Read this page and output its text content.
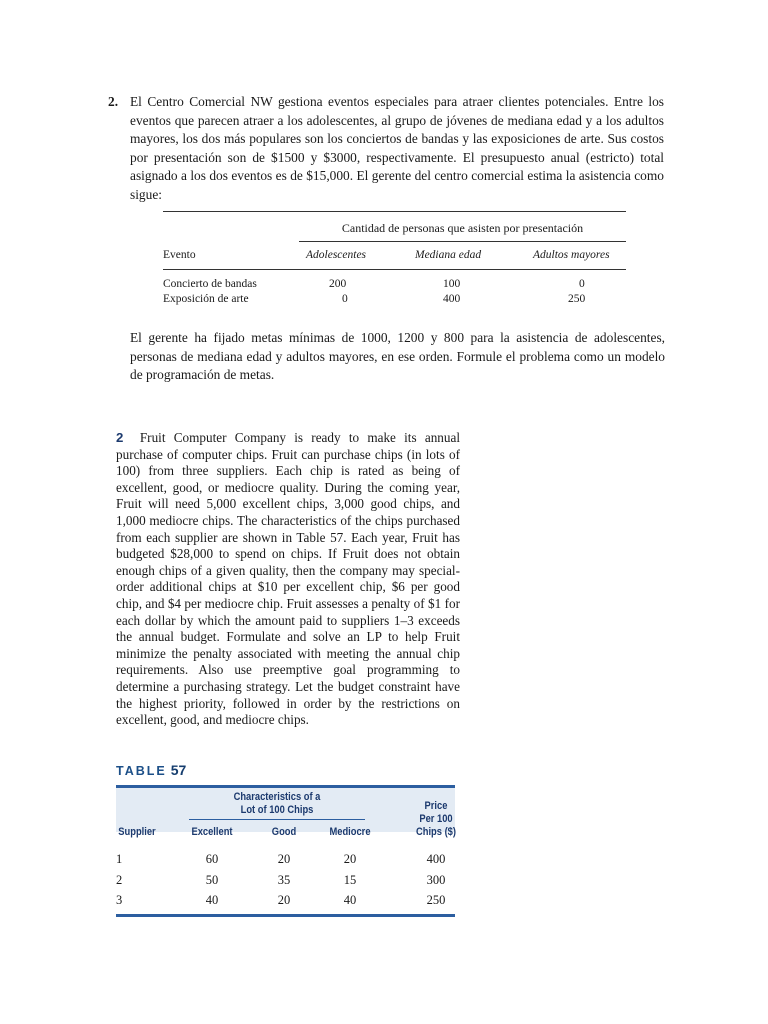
2. El Centro Comercial NW gestiona eventos especiales para atraer clientes potenciales. Entre los eventos que parecen atraer a los adolescentes, al grupo de jóvenes de mediana edad y a los adultos mayores, los dos más populares son los conciertos de bandas y las exposiciones de arte. Sus costos por presentación son de $1500 y $3000, respectivamente. El presupuesto anual (estricto) total asignado a los dos eventos es de $15,000. El gerente del centro comercial estima la asistencia como sigue:
Cantidad de personas que asisten por presentación
Evento	Adolescentes	Mediana edad	Adultos mayores
Concierto de bandas	200	100	0
Exposición de arte	0	400	250
El gerente ha fijado metas mínimas de 1000, 1200 y 800 para la asistencia de adolescentes, personas de mediana edad y adultos mayores, en ese orden. Formule el problema como un modelo de programación de metas.
2 Fruit Computer Company is ready to make its annual purchase of computer chips. Fruit can purchase chips (in lots of 100) from three suppliers. Each chip is rated as being of excellent, good, or mediocre quality. During the coming year, Fruit will need 5,000 excellent chips, 3,000 good chips, and 1,000 mediocre chips. The characteristics of the chips purchased from each supplier are shown in Table 57. Each year, Fruit has budgeted $28,000 to spend on chips. If Fruit does not obtain enough chips of a given quality, then the company may special-order additional chips at $10 per excellent chip, $6 per good chip, and $4 per mediocre chip. Fruit assesses a penalty of $1 for each dollar by which the amount paid to suppliers 1–3 exceeds the annual budget. Formulate and solve an LP to help Fruit minimize the penalty associated with meeting the annual chip requirements. Also use preemptive goal programming to determine a purchasing strategy. Let the budget constraint have the highest priority, followed in order by the restrictions on excellent, good, and mediocre chips.
TABLE 57
Characteristics of a
Lot of 100 Chips
Supplier	Excellent	Good	Mediocre
Price
Per 100
Chips ($)
1	60	20	20	400
2	50	35	15	300
3	40	20	40	250
